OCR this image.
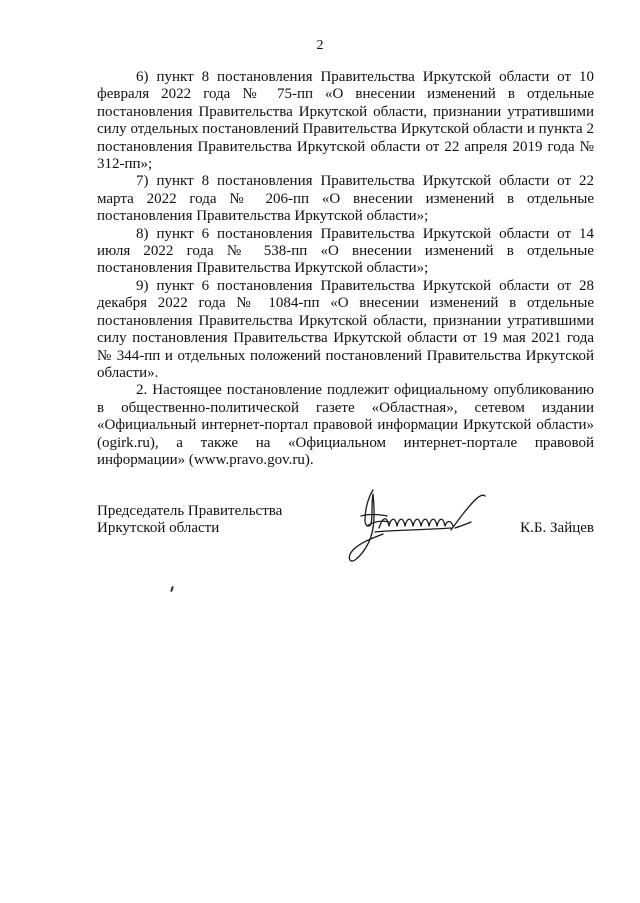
2

6) пункт 8 постановления Правительства Иркутской области от 10 февраля 2022 года № 75-пп «О внесении изменений в отдельные постановления Правительства Иркутской области, признании утратившими силу отдельных постановлений Правительства Иркутской области и пункта 2 постановления Правительства Иркутской области от 22 апреля 2019 года № 312-пп»;

7) пункт 8 постановления Правительства Иркутской области от 22 марта 2022 года № 206-пп «О внесении изменений в отдельные постановления Правительства Иркутской области»;

8) пункт 6 постановления Правительства Иркутской области от 14 июля 2022 года № 538-пп «О внесении изменений в отдельные постановления Правительства Иркутской области»;

9) пункт 6 постановления Правительства Иркутской области от 28 декабря 2022 года № 1084-пп «О внесении изменений в отдельные постановления Правительства Иркутской области, признании утратившими силу постановления Правительства Иркутской области от 19 мая 2021 года № 344-пп и отдельных положений постановлений Правительства Иркутской области».

2. Настоящее постановление подлежит официальному опубликованию в общественно-политической газете «Областная», сетевом издании «Официальный интернет-портал правовой информации Иркутской области» (ogirk.ru), а также на «Официальном интернет-портале правовой информации» (www.pravo.gov.ru).

Председатель Правительства
Иркутской области	К.Б. Зайцев
